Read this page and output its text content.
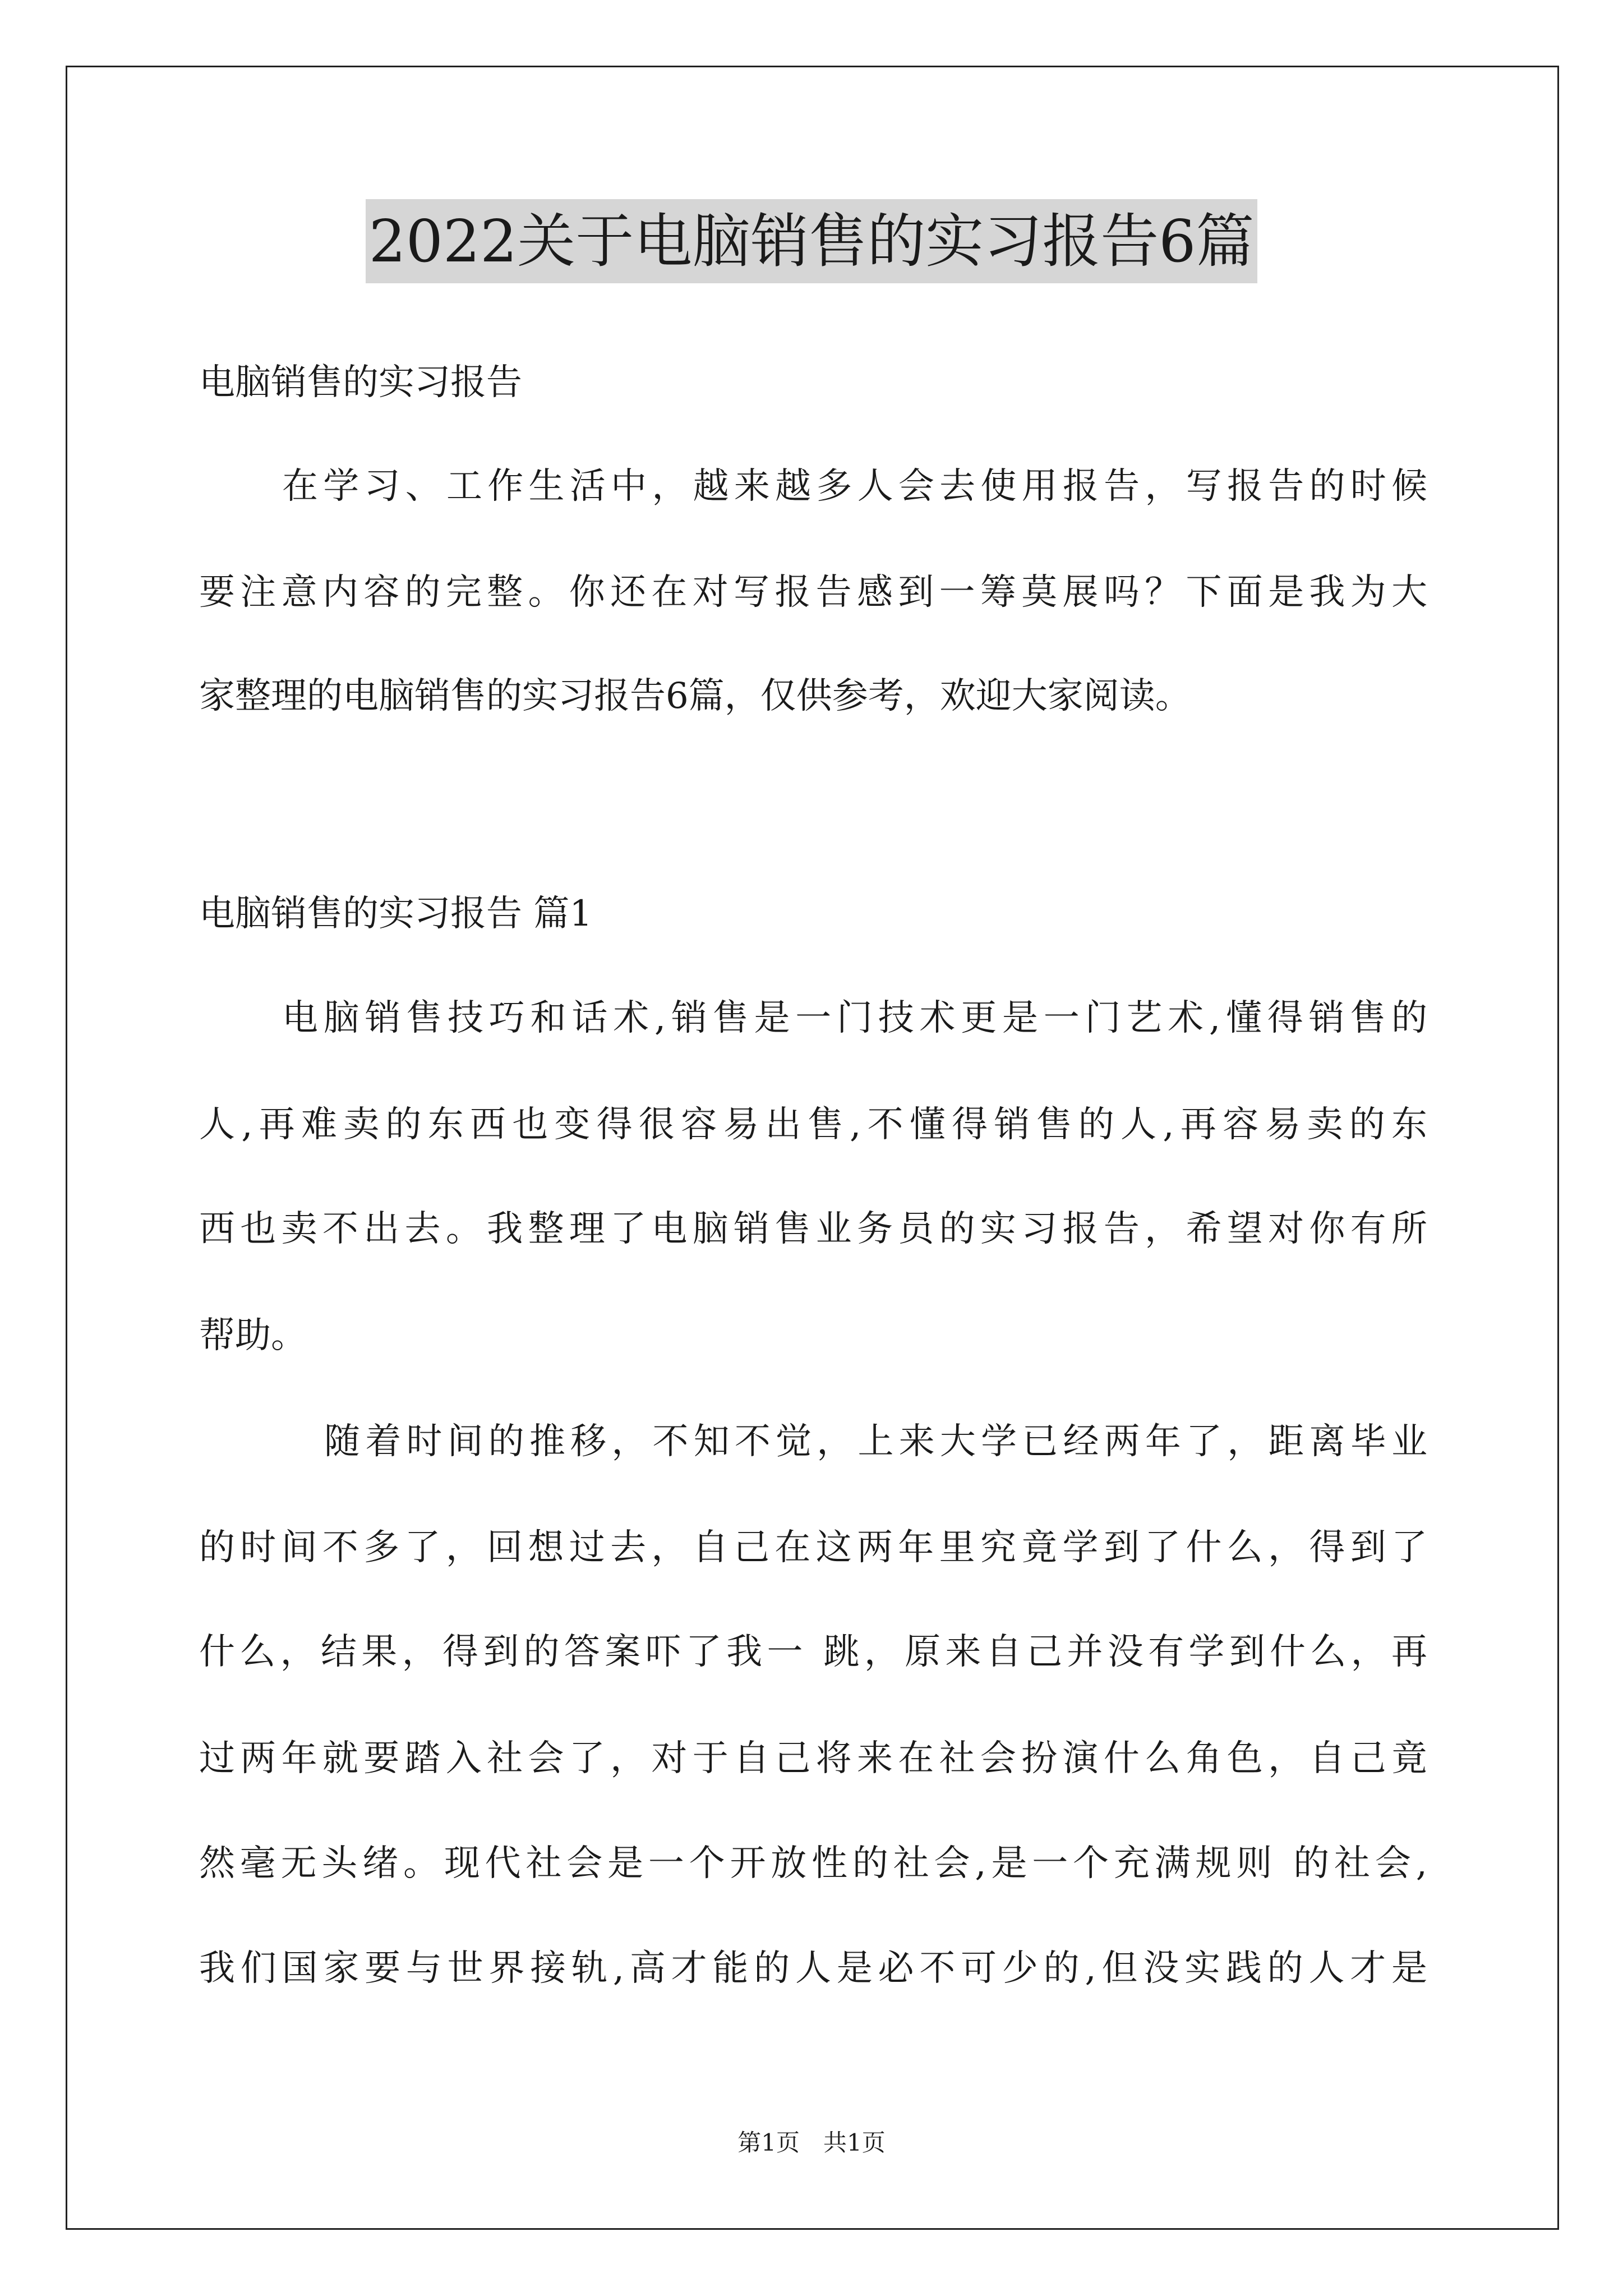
2022关于电脑销售的实习报告6篇
电脑销售的实习报告
在学习、工作生活中，越来越多人会去使用报告，写报告的时候
要注意内容的完整。你还在对写报告感到一筹莫展吗？下面是我为大
家整理的电脑销售的实习报告6篇，仅供参考，欢迎大家阅读。
电脑销售的实习报告 篇1
电脑销售技巧和话术,销售是一门技术更是一门艺术,懂得销售的
人,再难卖的东西也变得很容易出售,不懂得销售的人,再容易卖的东
西也卖不出去。我整理了电脑销售业务员的实习报告，希望对你有所
帮助。
随着时间的推移，不知不觉，上来大学已经两年了，距离毕业
的时间不多了，回想过去，自己在这两年里究竟学到了什么，得到了
什么，结果，得到的答案吓了我一 跳，原来自己并没有学到什么，再
过两年就要踏入社会了，对于自己将来在社会扮演什么角色，自己竟
然毫无头绪。现代社会是一个开放性的社会,是一个充满规则 的社会,
我们国家要与世界接轨,高才能的人是必不可少的,但没实践的人才是
第1页　共1页
